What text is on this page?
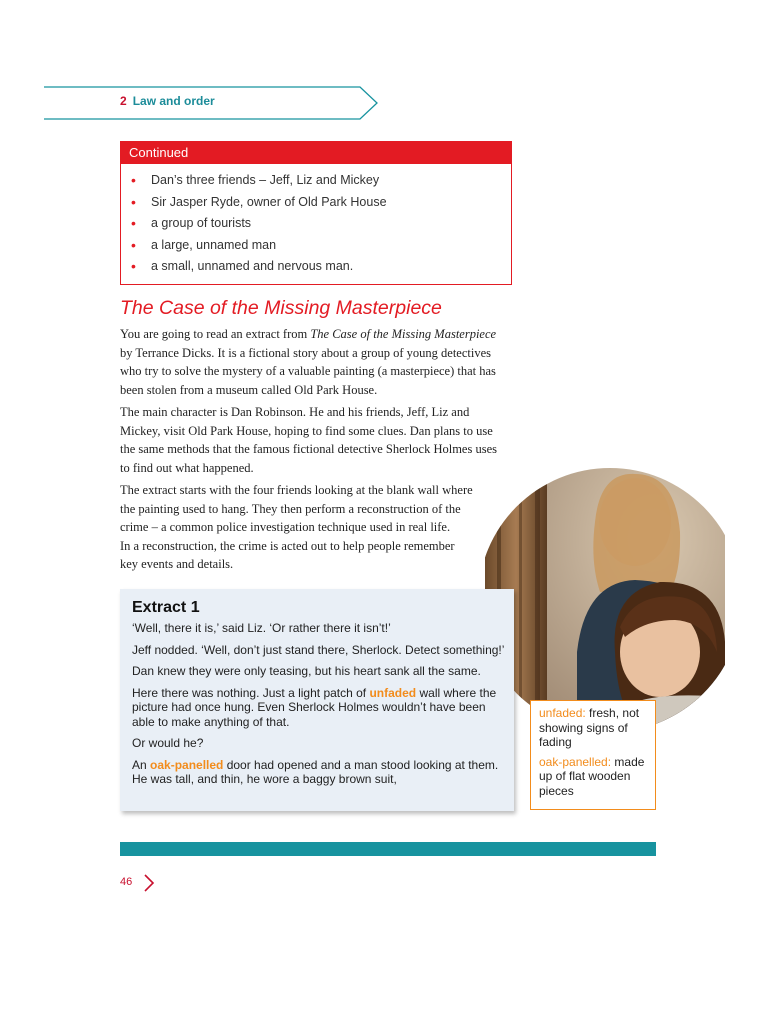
2 Law and order
Continued
• Dan’s three friends – Jeff, Liz and Mickey
• Sir Jasper Ryde, owner of Old Park House
• a group of tourists
• a large, unnamed man
• a small, unnamed and nervous man.
The Case of the Missing Masterpiece

You are going to read an extract from The Case of the Missing Masterpiece by Terrance Dicks. It is a fictional story about a group of young detectives who try to solve the mystery of a valuable painting (a masterpiece) that has been stolen from a museum called Old Park House.

The main character is Dan Robinson. He and his friends, Jeff, Liz and Mickey, visit Old Park House, hoping to find some clues. Dan plans to use the same methods that the famous fictional detective Sherlock Holmes uses to find out what happened.

The extract starts with the four friends looking at the blank wall where
the painting used to hang. They then perform a reconstruction of the
crime – a common police investigation technique used in real life.
In a reconstruction, the crime is acted out to help people remember
key events and details.

Extract 1

‘Well, there it is,’ said Liz. ‘Or rather there it isn’t!’

Jeff nodded. ‘Well, don’t just stand there, Sherlock. Detect something!’

Dan knew they were only teasing, but his heart sank all the same.

Here there was nothing. Just a light patch of unfaded wall where the picture had once hung. Even Sherlock Holmes wouldn’t have been able to make anything of that.

Or would he?

An oak-panelled door had opened and a man stood looking at them. He was tall, and thin, he wore a baggy brown suit,

unfaded: fresh, not showing signs of fading
oak-panelled: made up of flat wooden pieces
46
